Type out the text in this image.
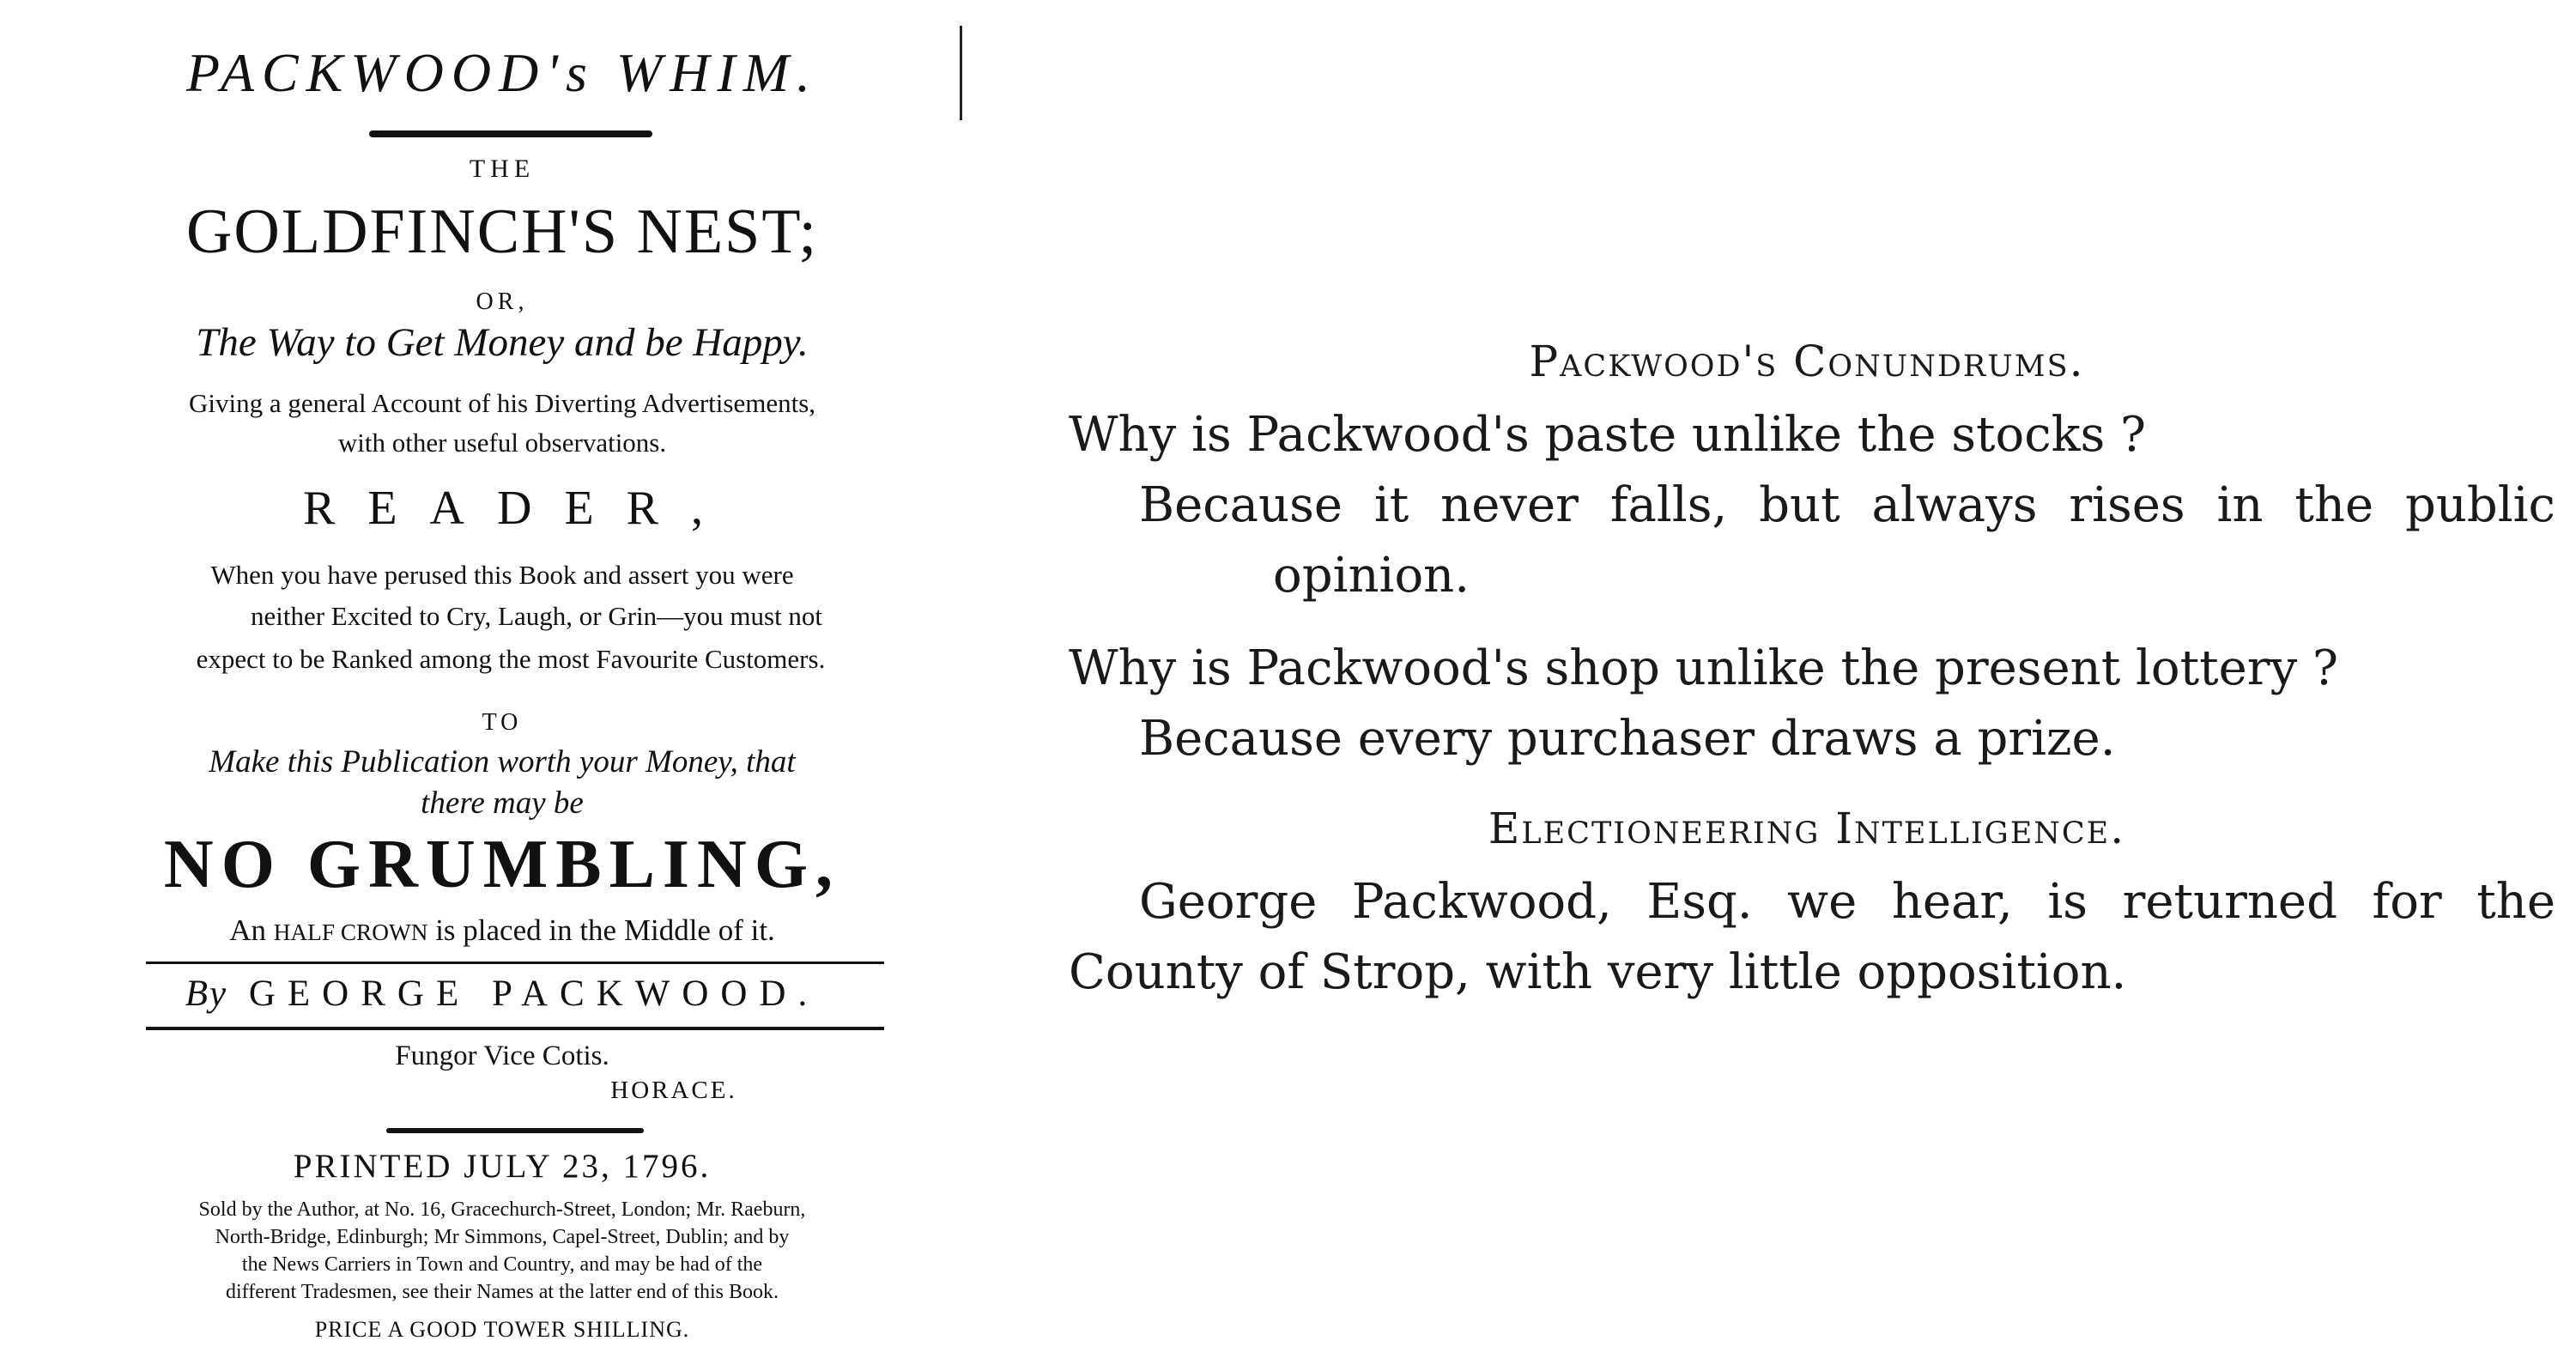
PACKWOOD's WHIM.
THE
GOLDFINCH'S NEST;
OR,
The Way to Get Money and be Happy.
Giving a general Account of his Diverting Advertisements,
with other useful observations.
READER,
When you have perused this Book and assert you were
neither Excited to Cry, Laugh, or Grin—you must not
expect to be Ranked among the most Favourite Customers.
TO
Make this Publication worth your Money, that
there may be
NO GRUMBLING,
An HALF CROWN is placed in the Middle of it.
By GEORGE PACKWOOD.
Fungor Vice Cotis.
HORACE.
PRINTED JULY 23, 1796.
Sold by the Author, at No. 16, Gracechurch-Street, London; Mr. Raeburn,
North-Bridge, Edinburgh; Mr Simmons, Capel-Street, Dublin; and by
the News Carriers in Town and Country, and may be had of the
different Tradesmen, see their Names at the latter end of this Book.
PRICE A GOOD TOWER SHILLING.
Packwood's Conundrums.
Why is Packwood's paste unlike the stocks ?
Because it never falls, but always rises in the public
opinion.
Why is Packwood's shop unlike the present lottery ?
Because every purchaser draws a prize.
Electioneering Intelligence.
George Packwood, Esq. we hear, is returned for the
County of Strop, with very little opposition.
